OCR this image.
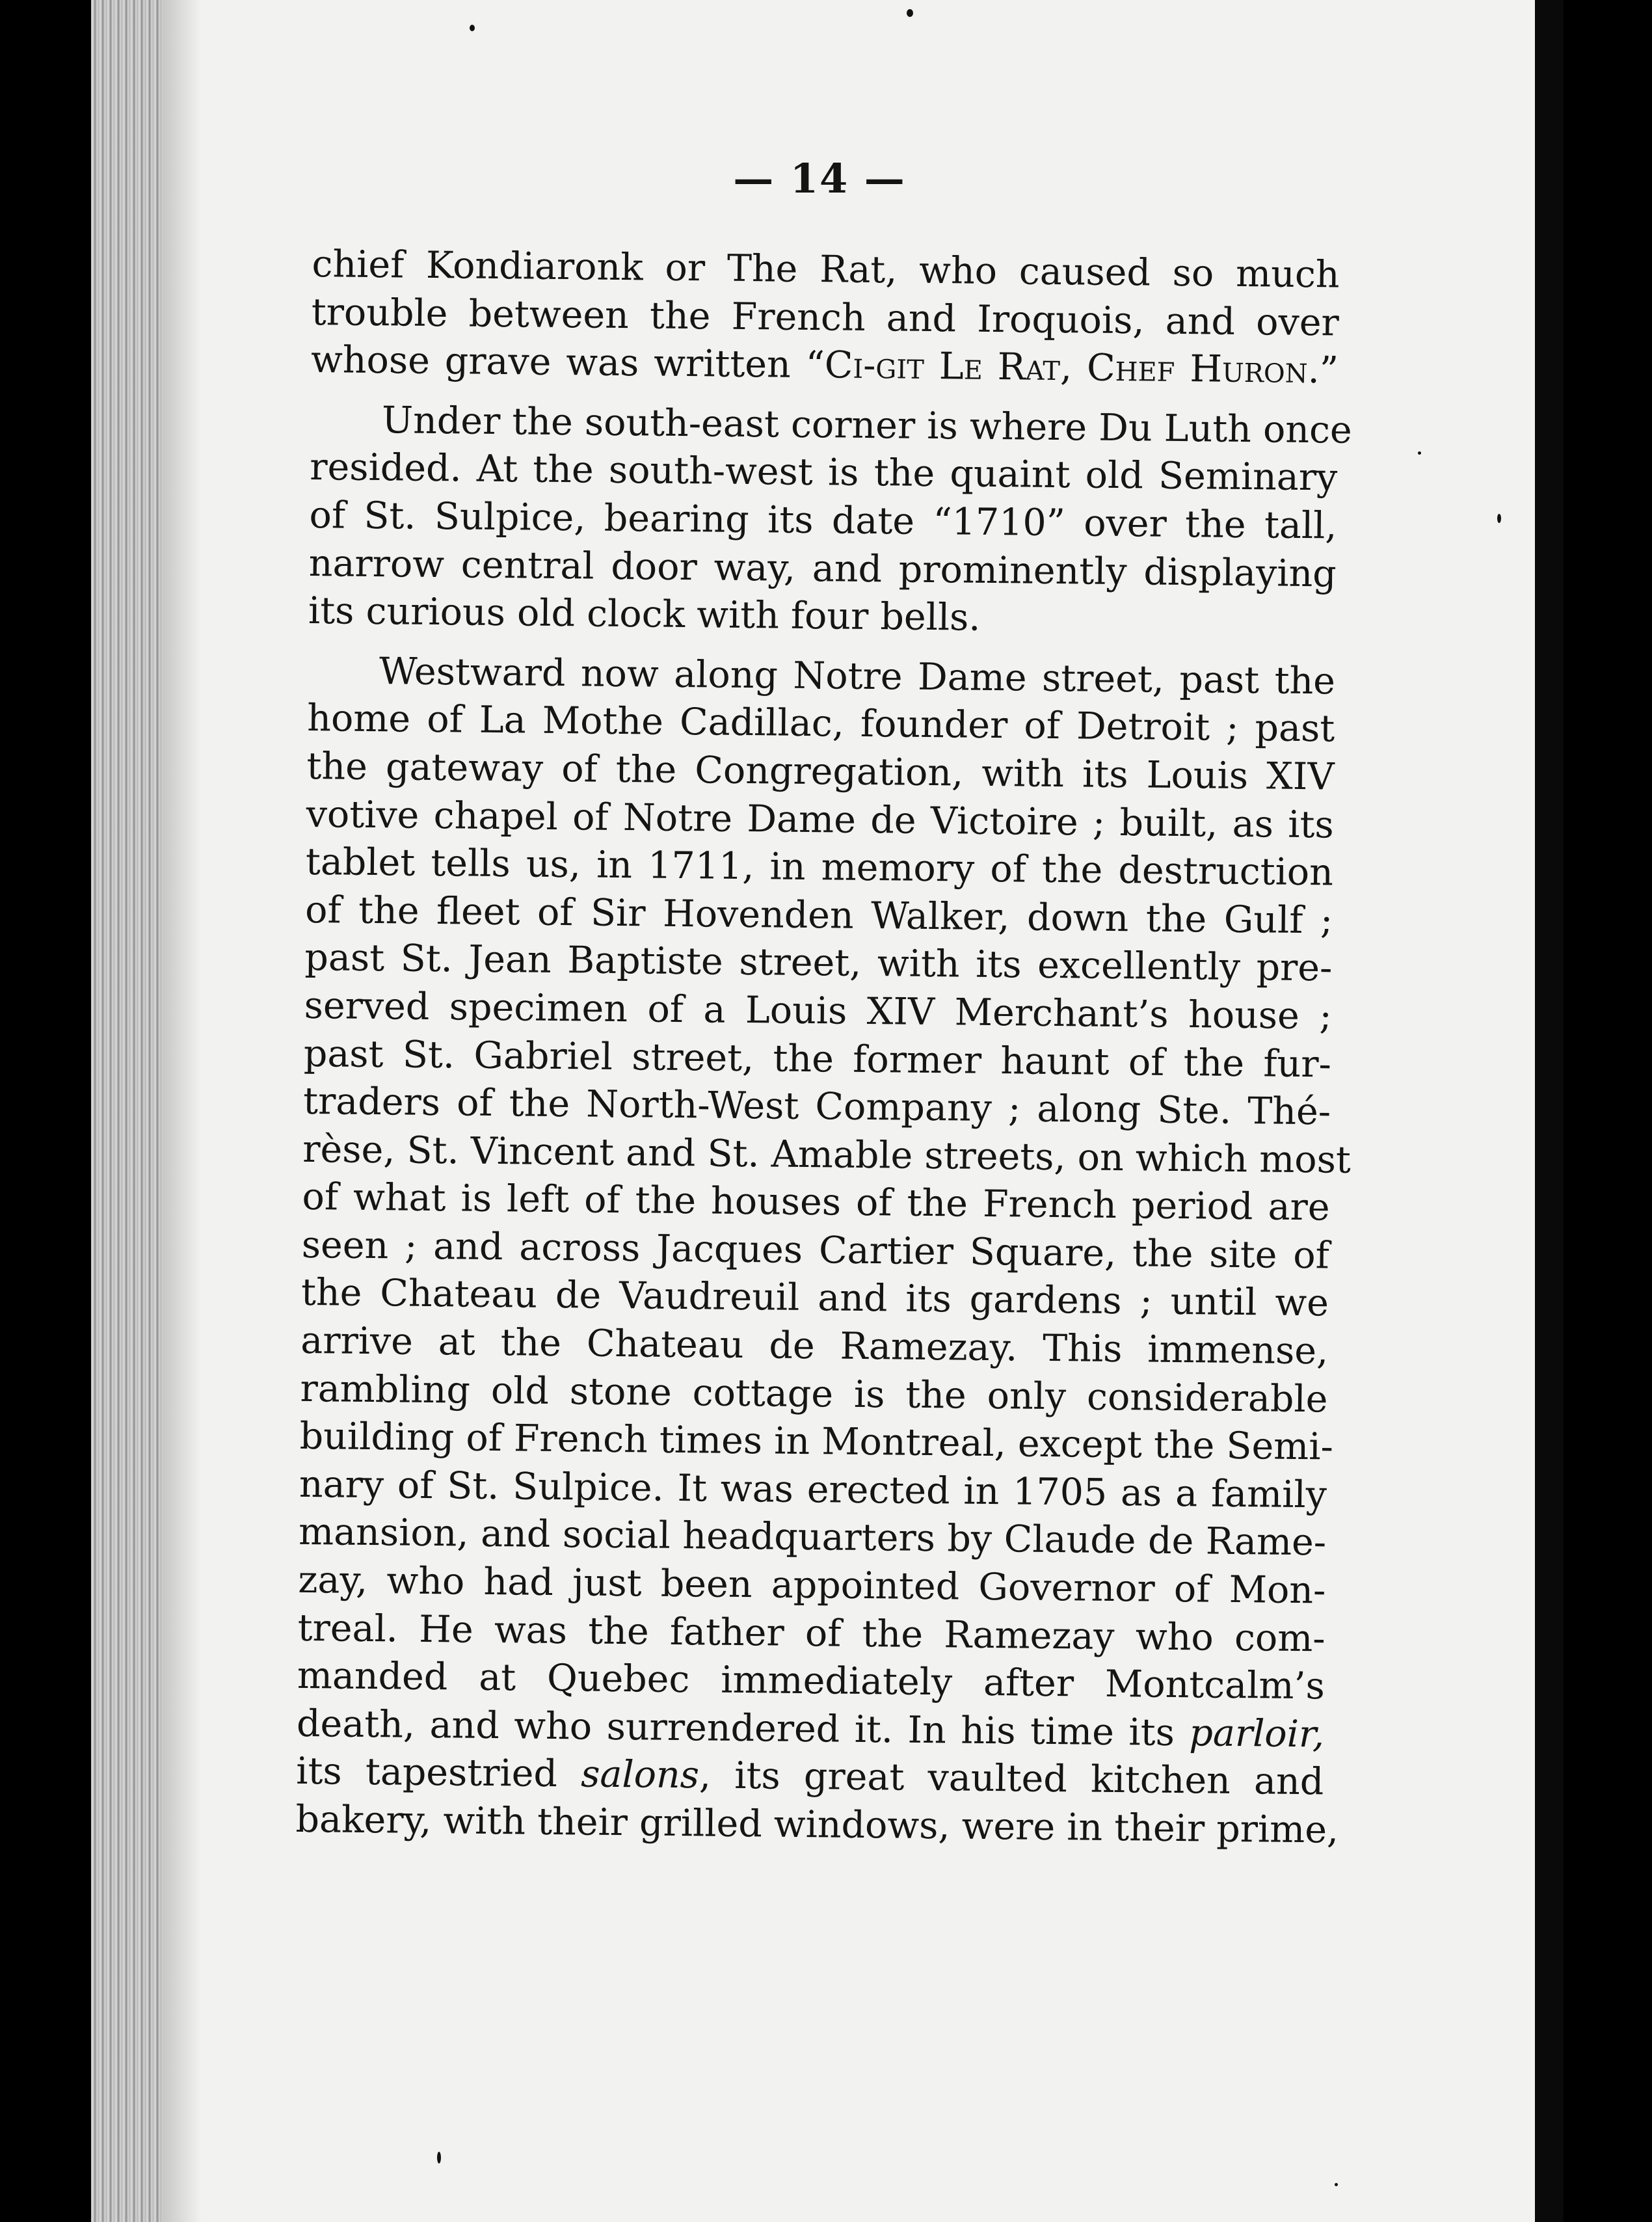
— 14 —

chief Kondiaronk or The Rat, who caused so much
trouble between the French and Iroquois, and over
whose grave was written “Ci-git Le Rat, Chef Huron.”

Under the south-east corner is where Du Luth once
resided. At the south-west is the quaint old Seminary
of St. Sulpice, bearing its date “1710” over the tall,
narrow central door way, and prominently displaying
its curious old clock with four bells.

Westward now along Notre Dame street, past the
home of La Mothe Cadillac, founder of Detroit ; past
the gateway of the Congregation, with its Louis XIV
votive chapel of Notre Dame de Victoire ; built, as its
tablet tells us, in 1711, in memory of the destruction
of the fleet of Sir Hovenden Walker, down the Gulf ;
past St. Jean Baptiste street, with its excellently pre-
served specimen of a Louis XIV Merchant’s house ;
past St. Gabriel street, the former haunt of the fur-
traders of the North-West Company ; along Ste. Thé-
rèse, St. Vincent and St. Amable streets, on which most
of what is left of the houses of the French period are
seen ; and across Jacques Cartier Square, the site of
the Chateau de Vaudreuil and its gardens ; until we
arrive at the Chateau de Ramezay. This immense,
rambling old stone cottage is the only considerable
building of French times in Montreal, except the Semi-
nary of St. Sulpice. It was erected in 1705 as a family
mansion, and social headquarters by Claude de Rame-
zay, who had just been appointed Governor of Mon-
treal. He was the father of the Ramezay who com-
manded at Quebec immediately after Montcalm’s
death, and who surrendered it. In his time its parloir,
its tapestried salons, its great vaulted kitchen and
bakery, with their grilled windows, were in their prime,
